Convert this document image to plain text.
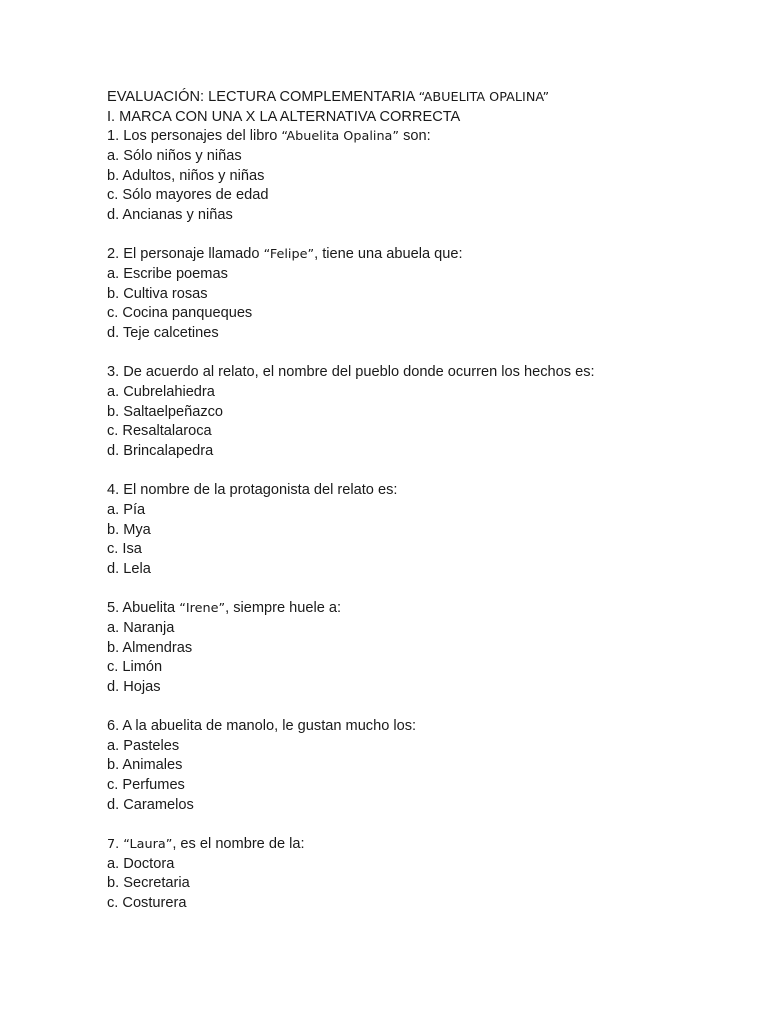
EVALUACIÓN: LECTURA COMPLEMENTARIA “ABUELITA OPALINA”
I. MARCA CON UNA X LA ALTERNATIVA CORRECTA
1. Los personajes del libro “Abuelita Opalina” son:
a. Sólo niños y niñas
b. Adultos, niños y niñas
c. Sólo mayores de edad
d. Ancianas y niñas
2. El personaje llamado “Felipe”, tiene una abuela que:
a. Escribe poemas
b. Cultiva rosas
c. Cocina panqueques
d. Teje calcetines
3. De acuerdo al relato, el nombre del pueblo donde ocurren los hechos es:
a. Cubrelahiedra
b. Saltaelpeñazco
c. Resaltalaroca
d. Brincalapedra
4. El nombre de la protagonista del relato es:
a. Pía
b. Mya
c. Isa
d. Lela
5. Abuelita “Irene”, siempre huele a:
a. Naranja
b. Almendras
c. Limón
d. Hojas
6. A la abuelita de manolo, le gustan mucho los:
a. Pasteles
b. Animales
c. Perfumes
d. Caramelos
7. “Laura”, es el nombre de la:
a. Doctora
b. Secretaria
c. Costurera
